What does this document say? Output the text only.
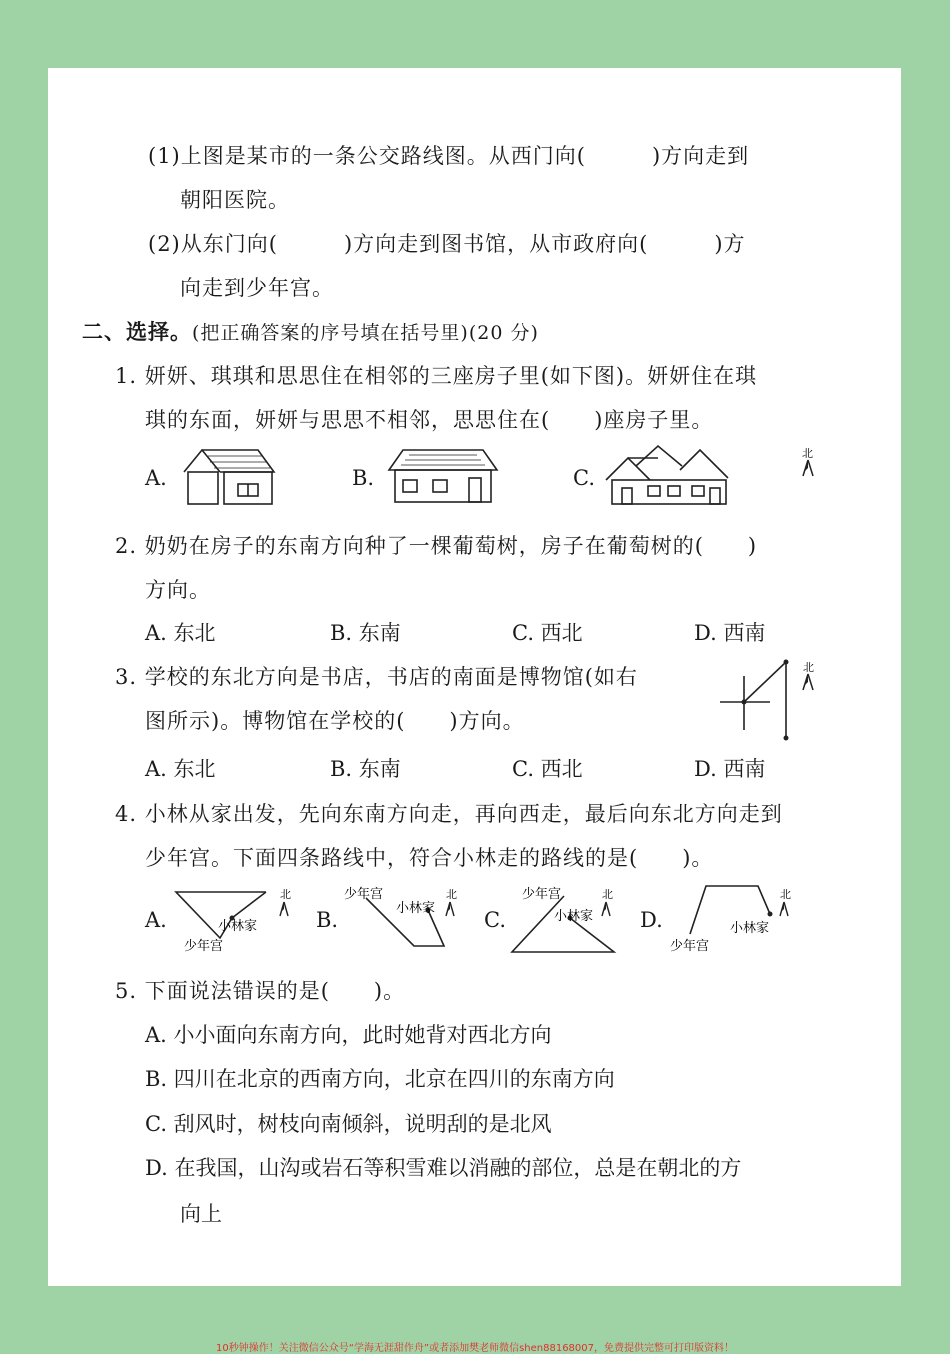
(1)上图是某市的一条公交路线图。从西门向(　　　)方向走到
朝阳医院。
(2)从东门向(　　　)方向走到图书馆，从市政府向(　　　)方
向走到少年宫。
二、选择。(把正确答案的序号填在括号里)(20 分)
1. 妍妍、琪琪和思思住在相邻的三座房子里(如下图)。妍妍住在琪
琪的东面，妍妍与思思不相邻，思思住在(　　)座房子里。
A.	B.	C.
北
2. 奶奶在房子的东南方向种了一棵葡萄树，房子在葡萄树的(　　)
方向。
A. 东北	B. 东南	C. 西北	D. 西南
3. 学校的东北方向是书店，书店的南面是博物馆(如右
图所示)。博物馆在学校的(　　)方向。
北
A. 东北	B. 东南	C. 西北	D. 西南
4. 小林从家出发，先向东南方向走，再向西走，最后向东北方向走到
少年宫。下面四条路线中，符合小林走的路线的是(　　)。
A.	小林家
少年宫
北
B.
少年宫
小林家
北
C.
少年宫
小林家
北
D.
少年宫
小林家
北
5. 下面说法错误的是(　　)。
A. 小小面向东南方向，此时她背对西北方向
B. 四川在北京的西南方向，北京在四川的东南方向
C. 刮风时，树枝向南倾斜，说明刮的是北风
D. 在我国，山沟或岩石等积雪难以消融的部位，总是在朝北的方
向上
10秒钟操作！关注微信公众号“学海无涯甜作舟”或者添加樊老师微信shen88168007，免费提供完整可打印版资料！
